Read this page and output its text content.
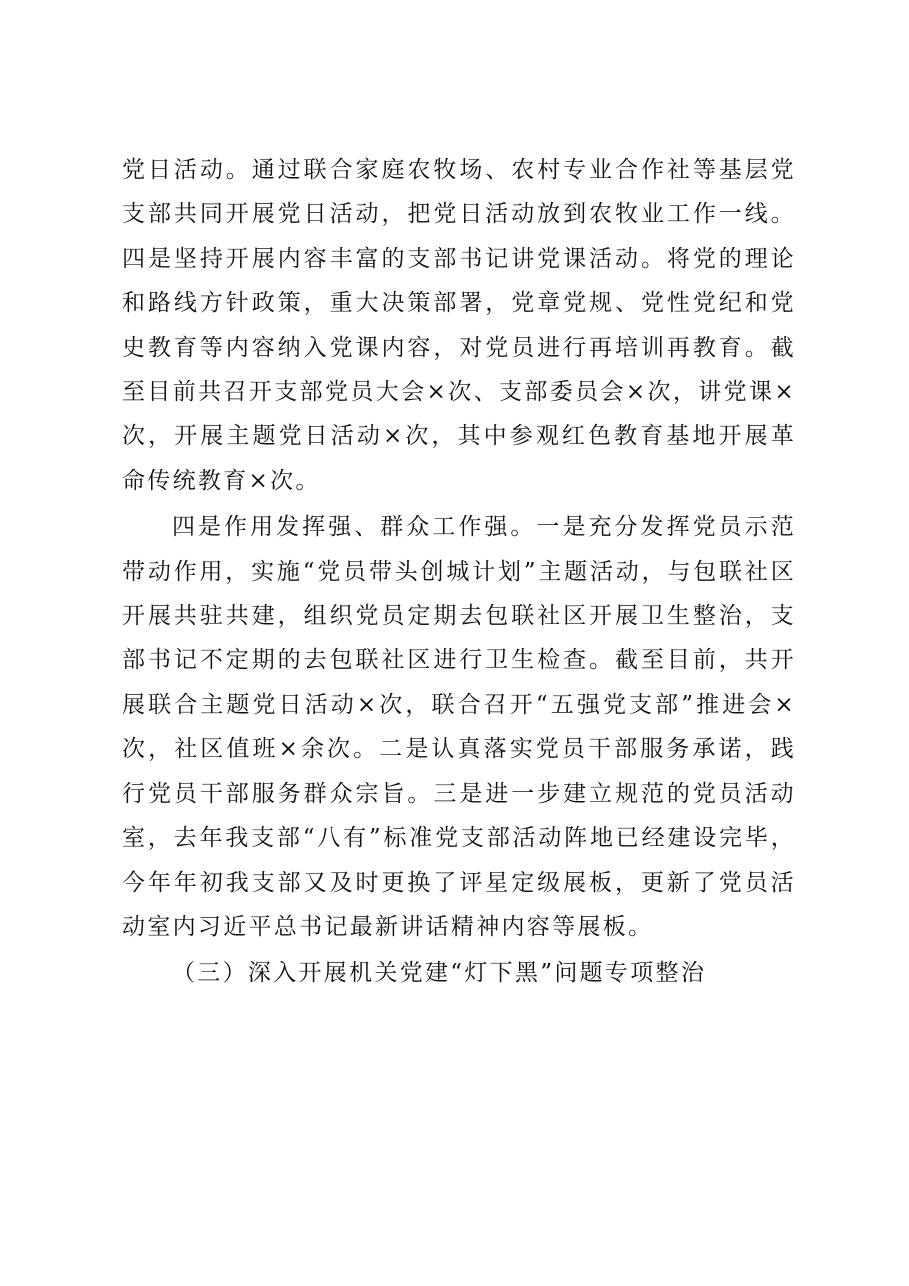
党日活动。通过联合家庭农牧场、农村专业合作社等基层党支部共同开展党日活动，把党日活动放到农牧业工作一线。四是坚持开展内容丰富的支部书记讲党课活动。将党的理论和路线方针政策，重大决策部署，党章党规、党性党纪和党史教育等内容纳入党课内容，对党员进行再培训再教育。截至目前共召开支部党员大会×次、支部委员会×次，讲党课×次，开展主题党日活动×次，其中参观红色教育基地开展革命传统教育×次。

四是作用发挥强、群众工作强。一是充分发挥党员示范带动作用，实施“党员带头创城计划”主题活动，与包联社区开展共驻共建，组织党员定期去包联社区开展卫生整治，支部书记不定期的去包联社区进行卫生检查。截至目前，共开展联合主题党日活动×次，联合召开“五强党支部”推进会×次，社区值班×余次。二是认真落实党员干部服务承诺，践行党员干部服务群众宗旨。三是进一步建立规范的党员活动室，去年我支部“八有”标准党支部活动阵地已经建设完毕，今年年初我支部又及时更换了评星定级展板，更新了党员活动室内习近平总书记最新讲话精神内容等展板。

（三）深入开展机关党建“灯下黑”问题专项整治
